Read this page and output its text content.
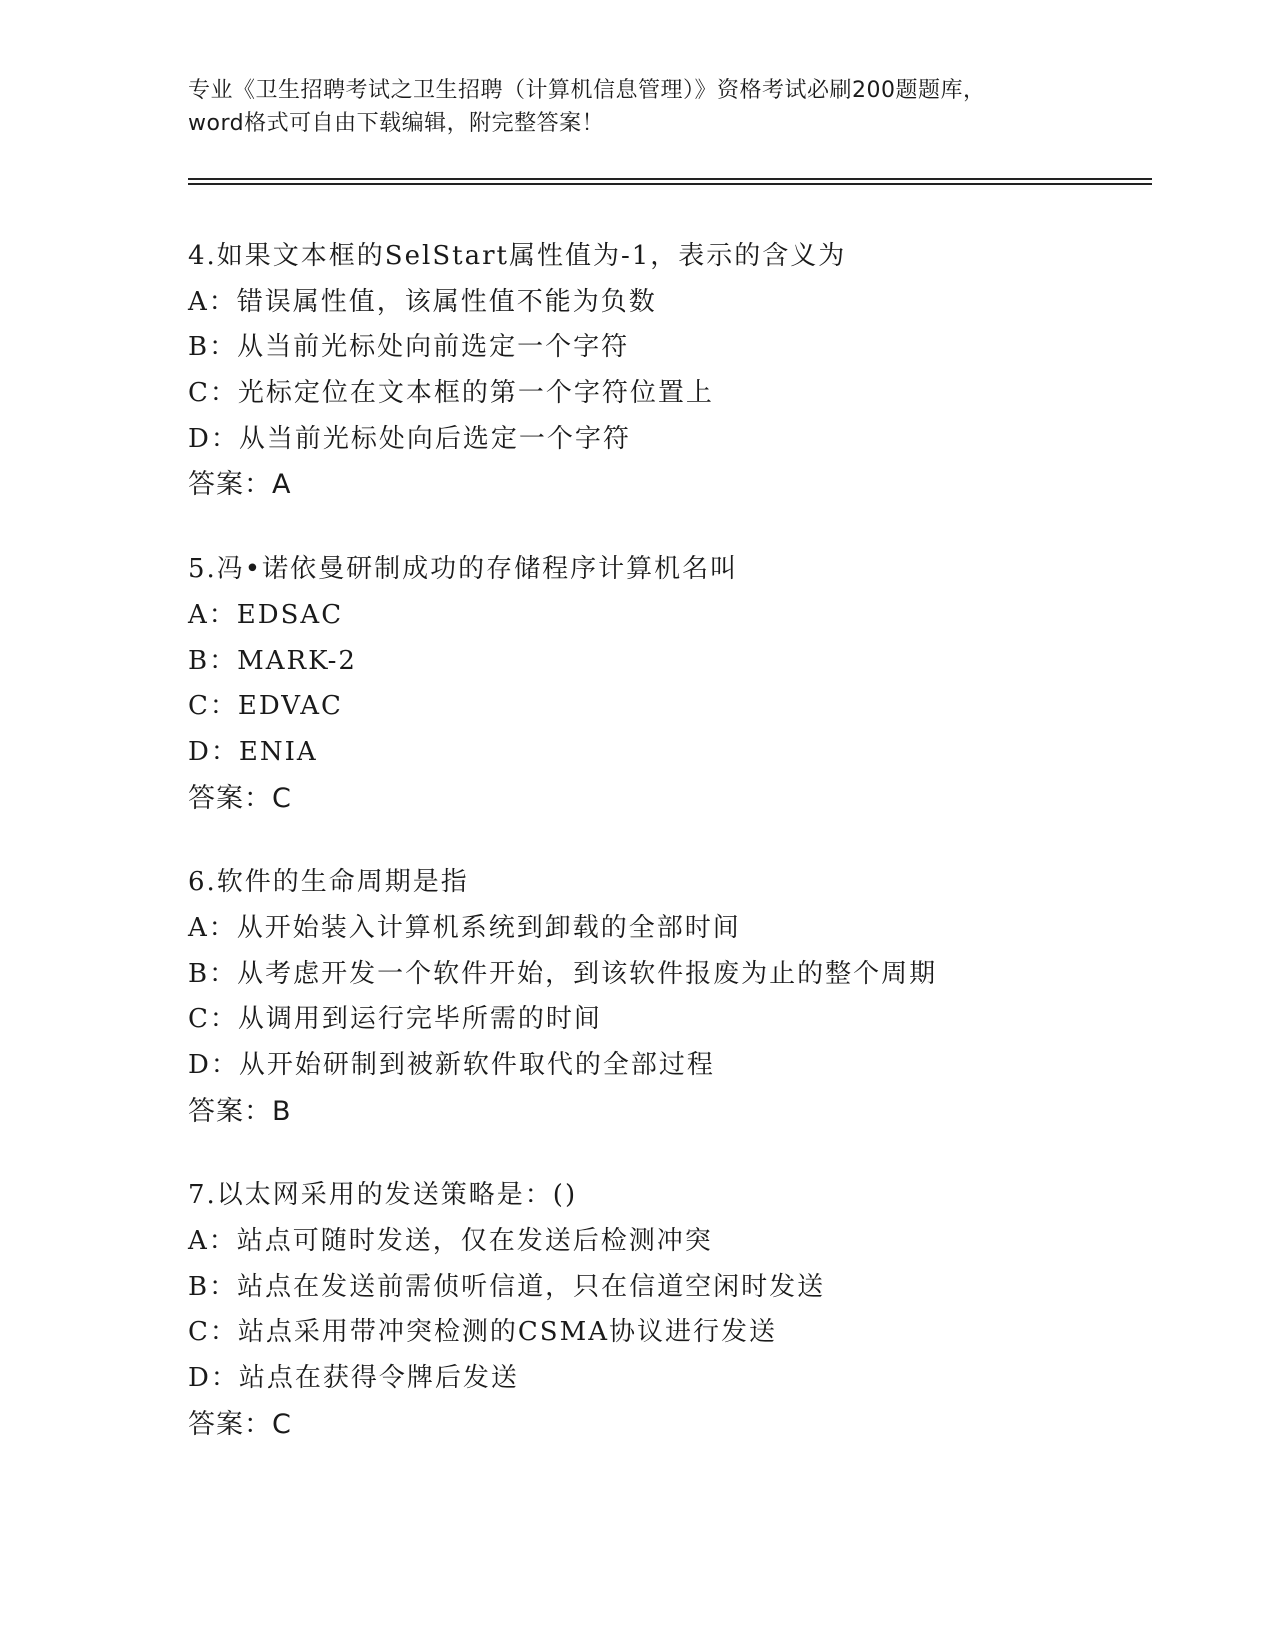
专业《卫生招聘考试之卫生招聘（计算机信息管理）》资格考试必刷200题题库，
word格式可自由下载编辑，附完整答案！
4.如果文本框的SelStart属性值为-1，表示的含义为
A：错误属性值，该属性值不能为负数
B：从当前光标处向前选定一个字符
C：光标定位在文本框的第一个字符位置上
D：从当前光标处向后选定一个字符
答案：A
5.冯•诺依曼研制成功的存储程序计算机名叫
A：EDSAC
B：MARK-2
C：EDVAC
D：ENIA
答案：C
6.软件的生命周期是指
A：从开始装入计算机系统到卸载的全部时间
B：从考虑开发一个软件开始，到该软件报废为止的整个周期
C：从调用到运行完毕所需的时间
D：从开始研制到被新软件取代的全部过程
答案：B
7.以太网采用的发送策略是：()
A：站点可随时发送，仅在发送后检测冲突
B：站点在发送前需侦听信道，只在信道空闲时发送
C：站点采用带冲突检测的CSMA协议进行发送
D：站点在获得令牌后发送
答案：C
